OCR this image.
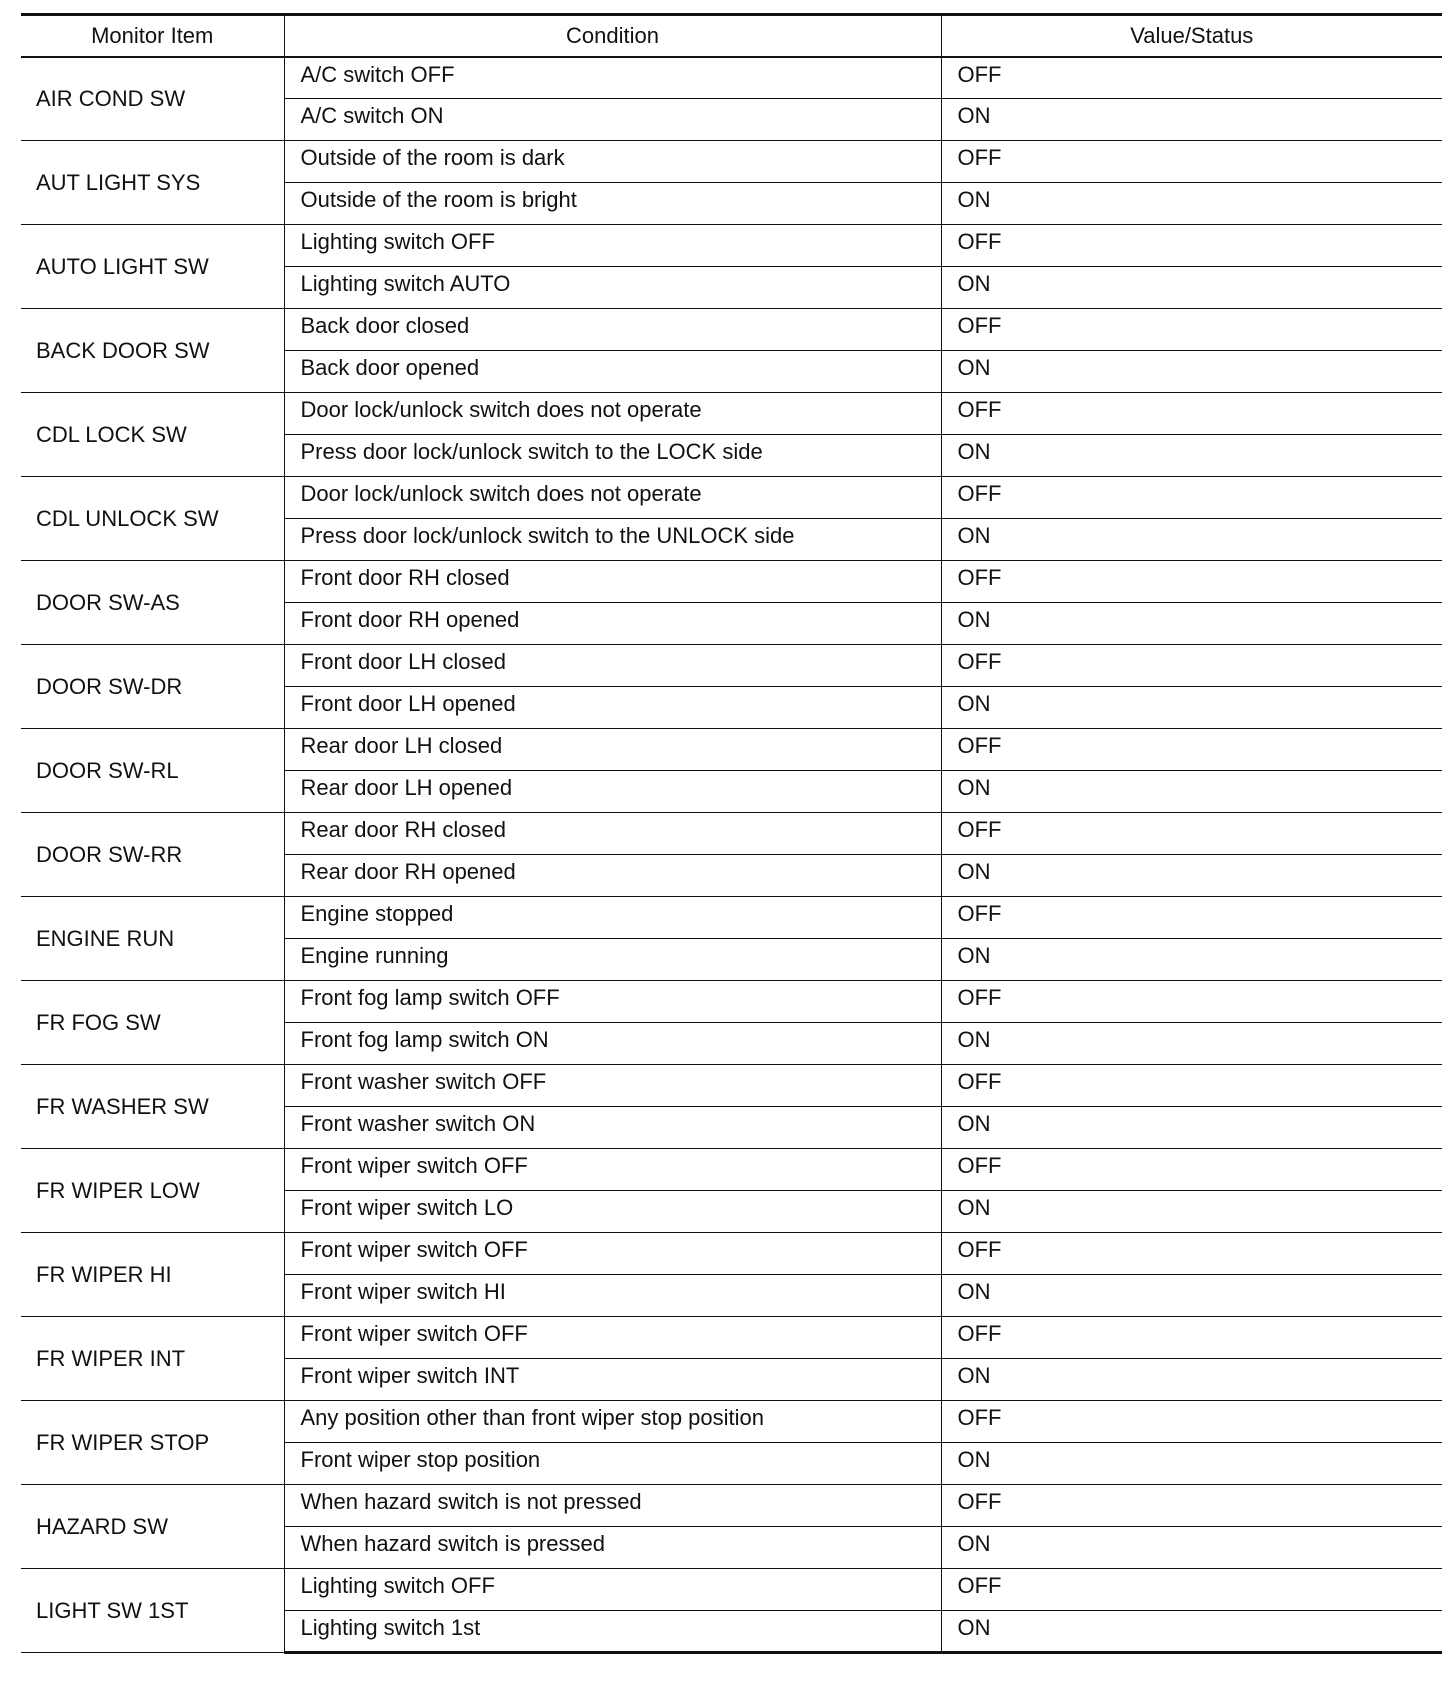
Monitor Item	Condition	Value/Status
AIR COND SW	A/C switch OFF	OFF
	A/C switch ON	ON
AUT LIGHT SYS	Outside of the room is dark	OFF
	Outside of the room is bright	ON
AUTO LIGHT SW	Lighting switch OFF	OFF
	Lighting switch AUTO	ON
BACK DOOR SW	Back door closed	OFF
	Back door opened	ON
CDL LOCK SW	Door lock/unlock switch does not operate	OFF
	Press door lock/unlock switch to the LOCK side	ON
CDL UNLOCK SW	Door lock/unlock switch does not operate	OFF
	Press door lock/unlock switch to the UNLOCK side	ON
DOOR SW-AS	Front door RH closed	OFF
	Front door RH opened	ON
DOOR SW-DR	Front door LH closed	OFF
	Front door LH opened	ON
DOOR SW-RL	Rear door LH closed	OFF
	Rear door LH opened	ON
DOOR SW-RR	Rear door RH closed	OFF
	Rear door RH opened	ON
ENGINE RUN	Engine stopped	OFF
	Engine running	ON
FR FOG SW	Front fog lamp switch OFF	OFF
	Front fog lamp switch ON	ON
FR WASHER SW	Front washer switch OFF	OFF
	Front washer switch ON	ON
FR WIPER LOW	Front wiper switch OFF	OFF
	Front wiper switch LO	ON
FR WIPER HI	Front wiper switch OFF	OFF
	Front wiper switch HI	ON
FR WIPER INT	Front wiper switch OFF	OFF
	Front wiper switch INT	ON
FR WIPER STOP	Any position other than front wiper stop position	OFF
	Front wiper stop position	ON
HAZARD SW	When hazard switch is not pressed	OFF
	When hazard switch is pressed	ON
LIGHT SW 1ST	Lighting switch OFF	OFF
	Lighting switch 1st	ON
